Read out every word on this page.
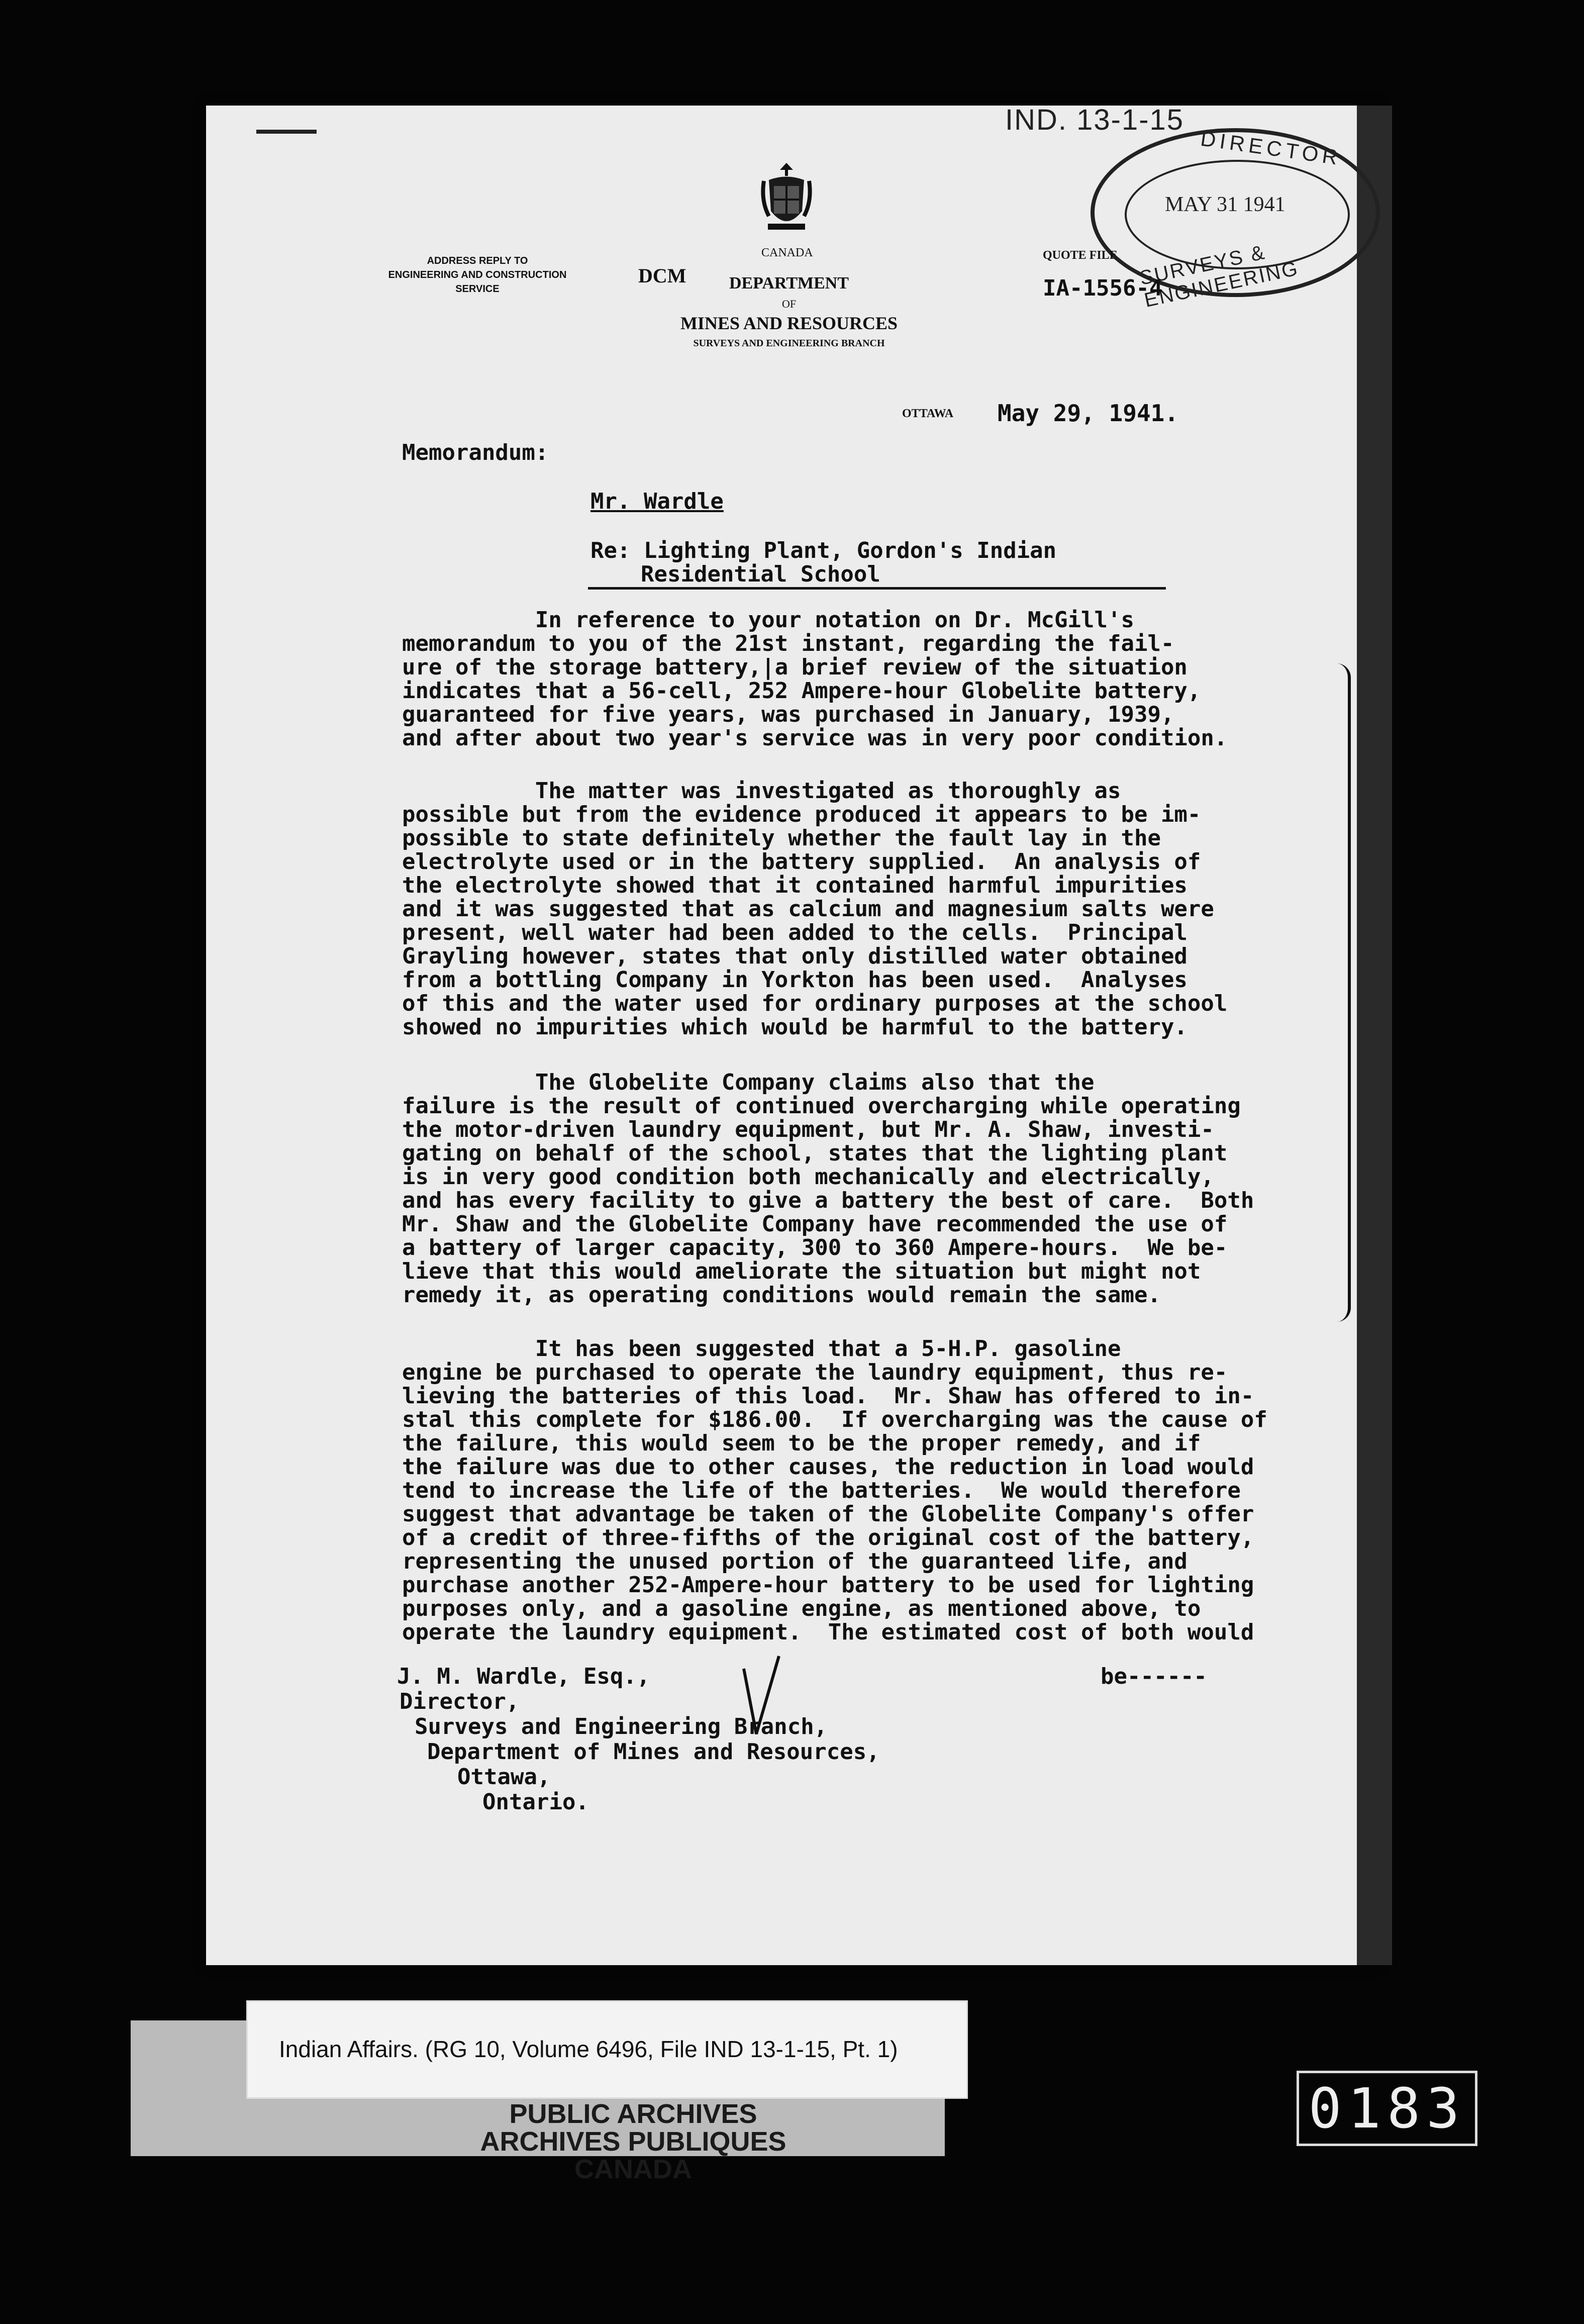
IND. 13-1-15
DIRECTOR
MAY 31 1941
SURVEYS & ENGINEERING
ADDRESS REPLY TO
ENGINEERING AND CONSTRUCTION
SERVICE
DCM
CANADA
DEPARTMENT
OF
MINES AND RESOURCES
SURVEYS AND ENGINEERING BRANCH
QUOTE FILE
IA-1556-4
OTTAWA May 29, 1941.
Memorandum:
Mr. Wardle
Re: Lighting Plant, Gordon's Indian
Residential School
In reference to your notation on Dr. McGill's
memorandum to you of the 21st instant, regarding the fail-
ure of the storage battery,|a brief review of the situation
indicates that a 56-cell, 252 Ampere-hour Globelite battery,
guaranteed for five years, was purchased in January, 1939,
and after about two year's service was in very poor condition.
The matter was investigated as thoroughly as
possible but from the evidence produced it appears to be im-
possible to state definitely whether the fault lay in the
electrolyte used or in the battery supplied.  An analysis of
the electrolyte showed that it contained harmful impurities
and it was suggested that as calcium and magnesium salts were
present, well water had been added to the cells.  Principal
Grayling however, states that only distilled water obtained
from a bottling Company in Yorkton has been used.  Analyses
of this and the water used for ordinary purposes at the school
showed no impurities which would be harmful to the battery.
The Globelite Company claims also that the
failure is the result of continued overcharging while operating
the motor-driven laundry equipment, but Mr. A. Shaw, investi-
gating on behalf of the school, states that the lighting plant
is in very good condition both mechanically and electrically,
and has every facility to give a battery the best of care.  Both
Mr. Shaw and the Globelite Company have recommended the use of
a battery of larger capacity, 300 to 360 Ampere-hours.  We be-
lieve that this would ameliorate the situation but might not
remedy it, as operating conditions would remain the same.
It has been suggested that a 5-H.P. gasoline
engine be purchased to operate the laundry equipment, thus re-
lieving the batteries of this load.  Mr. Shaw has offered to in-
stal this complete for $186.00.  If overcharging was the cause of
the failure, this would seem to be the proper remedy, and if
the failure was due to other causes, the reduction in load would
tend to increase the life of the batteries.  We would therefore
suggest that advantage be taken of the Globelite Company's offer
of a credit of three-fifths of the original cost of the battery,
representing the unused portion of the guaranteed life, and
purchase another 252-Ampere-hour battery to be used for lighting
purposes only, and a gasoline engine, as mentioned above, to
operate the laundry equipment.  The estimated cost of both would
be------
J. M. Wardle, Esq.,
Director,
Surveys and Engineering Branch,
Department of Mines and Resources,
Ottawa,
Ontario.
Indian Affairs. (RG 10, Volume 6496, File IND 13-1-15, Pt. 1)
PUBLIC ARCHIVES
ARCHIVES PUBLIQUES
CANADA
0183
